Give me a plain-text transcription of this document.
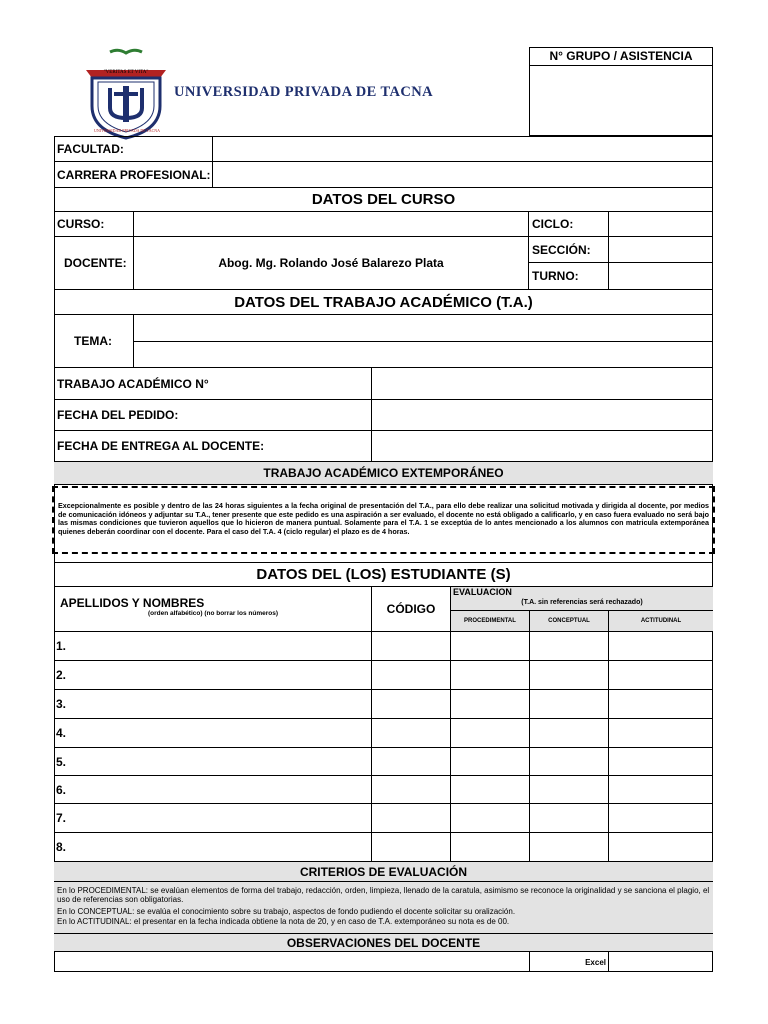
"VERITAS ET VITA"
UNIVERSIDAD PRIVADA DE TACNA
UNIVERSIDAD PRIVADA DE TACNA
N° GRUPO / ASISTENCIA
FACULTAD:
CARRERA PROFESIONAL:
DATOS DEL CURSO
CURSO:	CICLO:
DOCENTE:	Abog. Mg. Rolando José Balarezo Plata
SECCIÓN:
TURNO:
DATOS DEL TRABAJO ACADÉMICO (T.A.)
TEMA:
TRABAJO ACADÉMICO N°
FECHA DEL PEDIDO:
FECHA DE ENTREGA AL DOCENTE:
TRABAJO ACADÉMICO EXTEMPORÁNEO
Excepcionalmente es posible y dentro de las 24 horas siguientes a la fecha original de presentación del T.A., para ello debe realizar una solicitud motivada y dirigida al docente, por medios de comunicación idóneos y adjuntar su T.A., tener presente que este pedido es una aspiración a ser evaluado, el docente no está obligado a calificarlo, y en caso fuera evaluado no será bajo las mismas condiciones que tuvieron aquellos que lo hicieron de manera puntual. Solamente para el T.A. 1 se exceptúa de lo antes mencionado a los alumnos con matricula extemporánea quienes deberán coordinar con el docente. Para el caso del T.A. 4 (ciclo regular) el plazo es de 4 horas.
DATOS DEL (LOS) ESTUDIANTE (S)
APELLIDOS Y NOMBRES
(orden alfabético) (no borrar los números)	CÓDIGO
EVALUACION
(T.A. sin referencias será rechazado)
PROCEDIMENTAL	CONCEPTUAL	ACTITUDINAL
1.
2.
3.
4.
5.
6.
7.
8.
CRITERIOS DE EVALUACIÓN
En lo PROCEDIMENTAL: se evalúan elementos de forma del trabajo, redacción, orden, limpieza, llenado de la caratula, asimismo se reconoce la originalidad y se sanciona el plagio, el uso de referencias son obligatorias.
En lo CONCEPTUAL: se evalúa el conocimiento sobre su trabajo, aspectos de fondo pudiendo el docente solicitar su oralización.
En lo ACTITUDINAL: el presentar en la fecha indicada obtiene la nota de 20, y en caso de T.A. extemporáneo su nota es de 00.
OBSERVACIONES DEL DOCENTE
Excel
